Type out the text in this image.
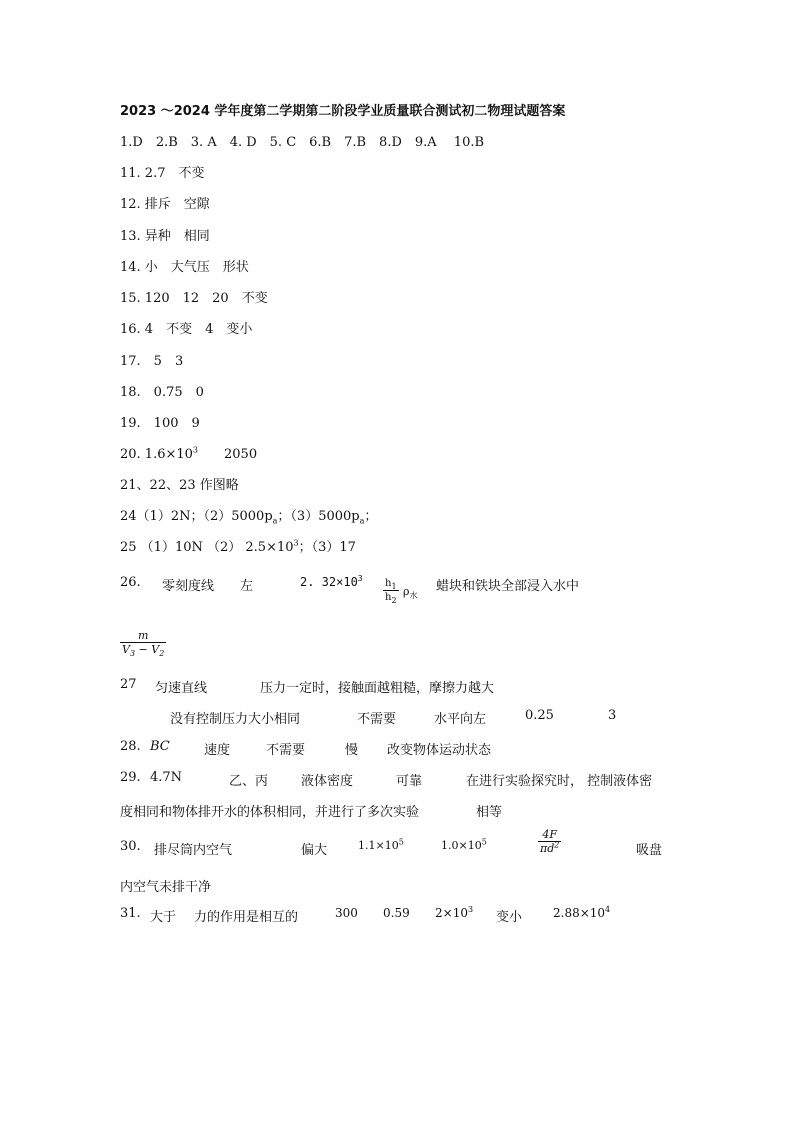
2023 ～2024 学年度第二学期第二阶段学业质量联合测试初二物理试题答案
1.D　2.B　3. A　4. D　5. C　6.B　7.B　8.D　9.A　 10.B
11. 2.7　不变
12. 排斥　空隙
13. 异种　相同
14. 小　大气压　形状
15. 120　12　20　不变
16. 4　不变　4　变小
17.　5　3
18.　0.75　0
19.　100　9
20. $1.6\times 10^3$　　2050
21、22、23 作图略
24（1）2N；$(2)5000p_a$；$(3)5000p_a$；
25 （1）10N （2） $2.5\times 10^3$；（3）17
26. 零刻度线 左	2. $32\times 10^3 \frac{h_1}{h_2} \rho_水$
蜡块和铁块全部浸入水中
$\frac{m}{V_3 - V_2}$
27 匀速直线	压力一定时，接触面越粗糙，摩擦力越大
没有控制压力大小相同	不需要	水平向左	0.25	3
28. BC	速度	不需要	慢 改变物体运动状态
29. 4.7N	乙、丙	液体密度	可靠	在进行实验探究时， 控制液体密
度相同和物体排开水的体积相同，并进行了多次实验	相等
30. 排尽筒内空气	偏大	$1.1\times 10^5$	$1.0\times 10^5$	$\frac{4F}{\pi d^2}$	吸盘
内空气未排干净
31. 大于 力的作用是相互的	300 0.59 $2\times 10^3$
变小	$2.88\times 10^4$
